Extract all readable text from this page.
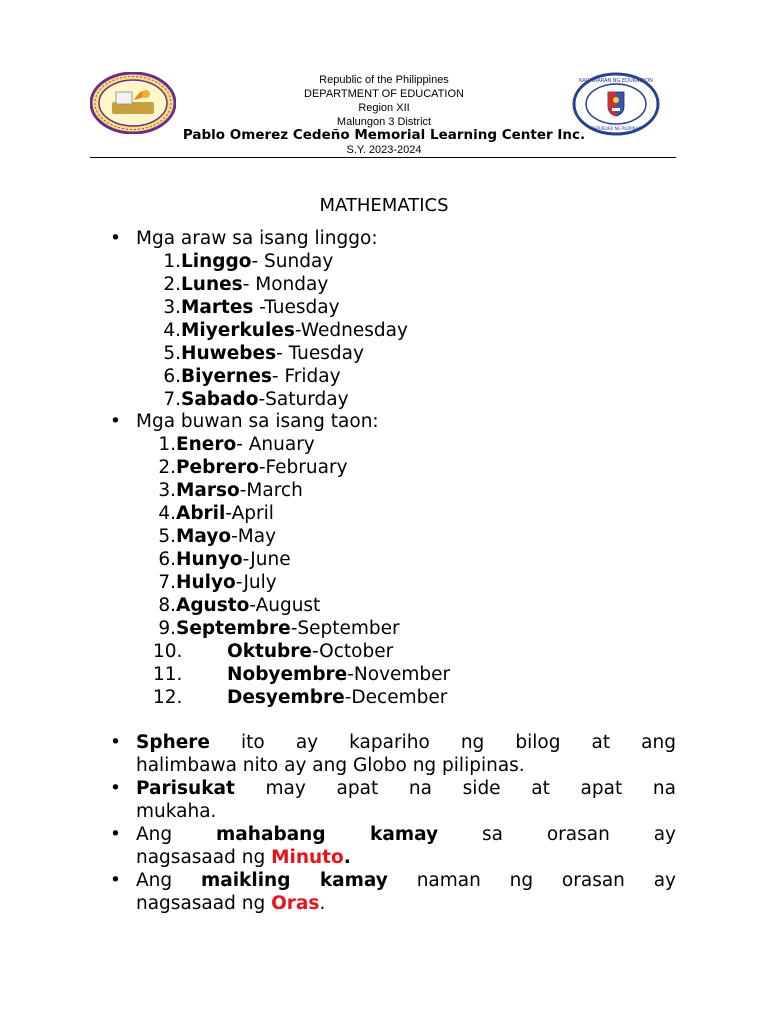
KAGAWARAN NG EDUKASYON
REPUBLIKA NG PILIPINAS
Republic of the Philippines
DEPARTMENT OF EDUCATION
Region XII
Malungon 3 District
Pablo Omerez Cedeño Memorial Learning Center Inc.
S.Y. 2023-2024
MATHEMATICS
• Mga araw sa isang linggo:
1.Linggo- Sunday
2.Lunes- Monday
3.Martes -Tuesday
4.Miyerkules-Wednesday
5.Huwebes- Tuesday
6.Biyernes- Friday
7.Sabado-Saturday
• Mga buwan sa isang taon:
1.Enero- Anuary
2.Pebrero-February
3.Marso-March
4.Abril-April
5.Mayo-May
6.Hunyo-June
7.Hulyo-July
8.Agusto-August
9.Septembre-September
10. Oktubre-October
11. Nobyembre-November
12. Desyembre-December
• Sphere ito ay kapariho ng bilog at ang
halimbawa nito ay ang Globo ng pilipinas.
• Parisukat may apat na side at apat na
mukaha.
• Ang mahabang kamay sa orasan ay
nagsasaad ng Minuto.
• Ang maikling kamay naman ng orasan ay
nagsasaad ng Oras.
